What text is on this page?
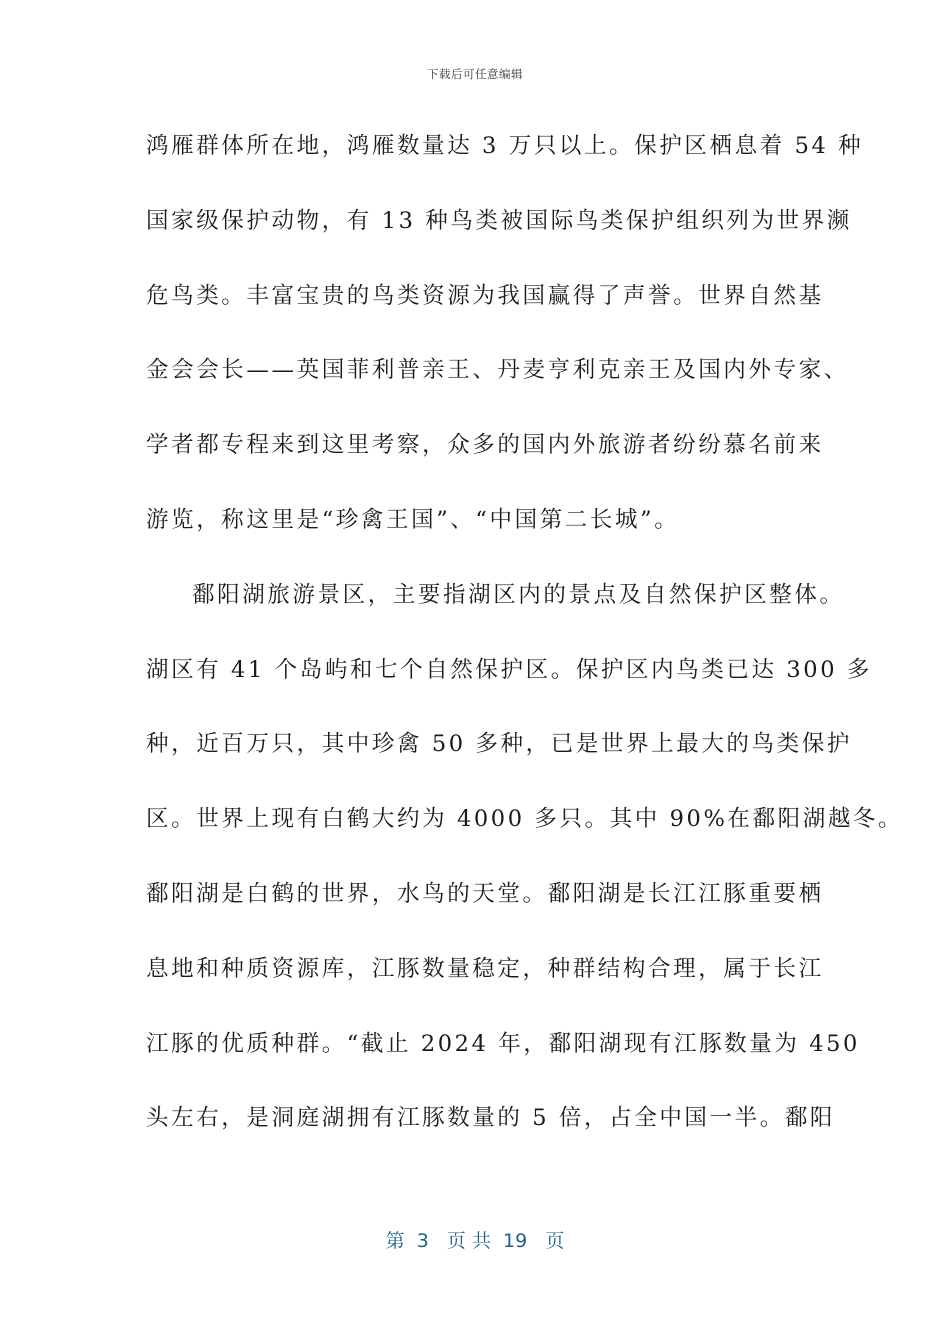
下载后可任意编辑
鸿雁群体所在地，鸿雁数量达 3 万只以上。保护区栖息着 54 种
国家级保护动物，有 13 种鸟类被国际鸟类保护组织列为世界濒
危鸟类。丰富宝贵的鸟类资源为我国赢得了声誉。世界自然基
金会会长——英国菲利普亲王、丹麦亨利克亲王及国内外专家、
学者都专程来到这里考察，众多的国内外旅游者纷纷慕名前来
游览，称这里是“珍禽王国”、“中国第二长城”。
鄱阳湖旅游景区，主要指湖区内的景点及自然保护区整体。
湖区有 41 个岛屿和七个自然保护区。保护区内鸟类已达 300 多
种，近百万只，其中珍禽 50 多种，已是世界上最大的鸟类保护
区。世界上现有白鹤大约为 4000 多只。其中 90%在鄱阳湖越冬。
鄱阳湖是白鹤的世界，水鸟的天堂。鄱阳湖是长江江豚重要栖
息地和种质资源库，江豚数量稳定，种群结构合理，属于长江
江豚的优质种群。“截止 2024 年，鄱阳湖现有江豚数量为 450
头左右，是洞庭湖拥有江豚数量的 5 倍，占全中国一半。鄱阳
第  3   页 共  19   页
